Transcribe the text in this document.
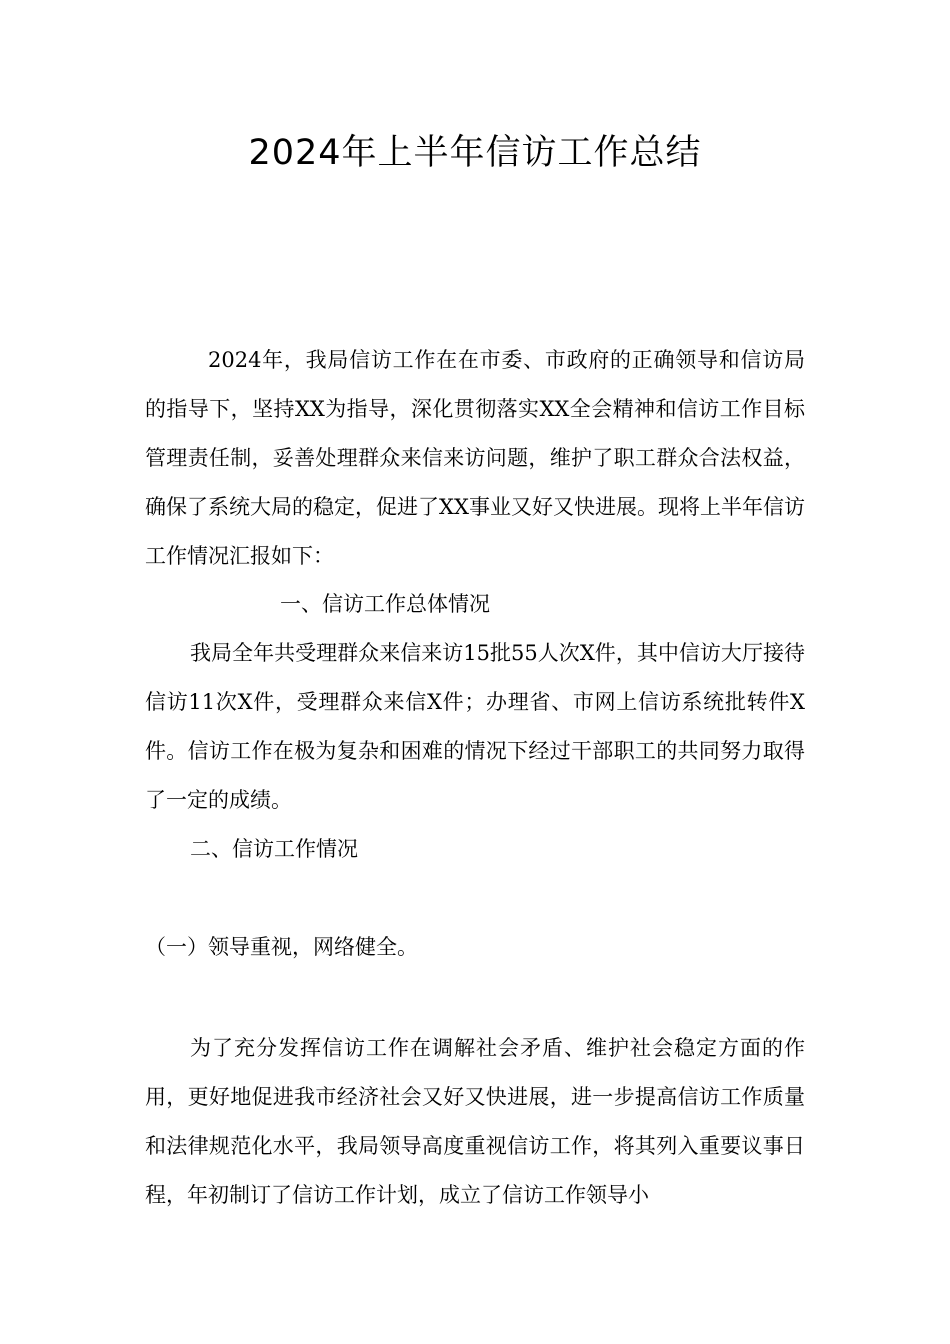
2024年上半年信访工作总结

2024年，我局信访工作在在市委、市政府的正确领导和信访局的指导下，坚持XX为指导，深化贯彻落实XX全会精神和信访工作目标管理责任制，妥善处理群众来信来访问题，维护了职工群众合法权益，确保了系统大局的稳定，促进了XX事业又好又快进展。现将上半年信访工作情况汇报如下：

一、信访工作总体情况

我局全年共受理群众来信来访15批55人次X件，其中信访大厅接待信访11次X件，受理群众来信X件；办理省、市网上信访系统批转件X件。信访工作在极为复杂和困难的情况下经过干部职工的共同努力取得了一定的成绩。

二、信访工作情况

（一）领导重视，网络健全。

为了充分发挥信访工作在调解社会矛盾、维护社会稳定方面的作用，更好地促进我市经济社会又好又快进展，进一步提高信访工作质量和法律规范化水平，我局领导高度重视信访工作，将其列入重要议事日程，年初制订了信访工作计划，成立了信访工作领导小
